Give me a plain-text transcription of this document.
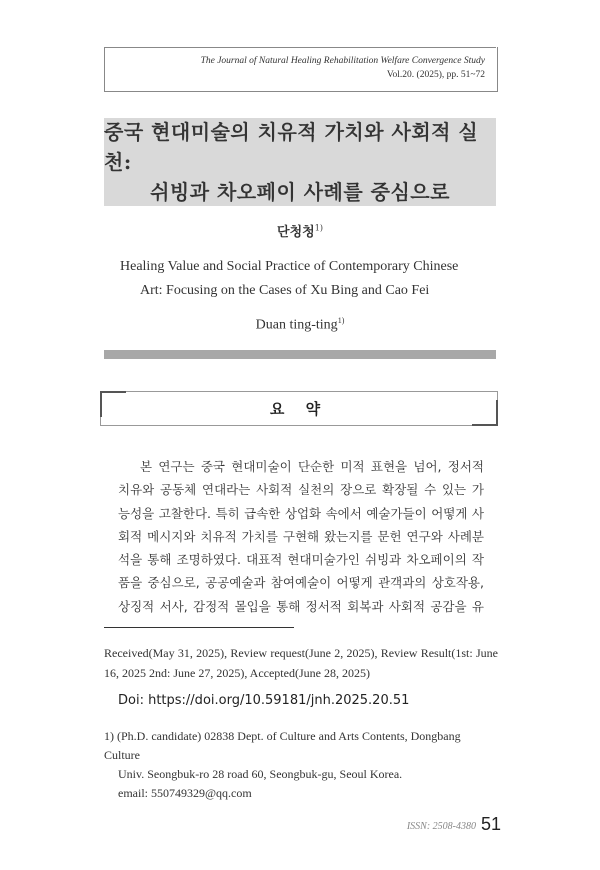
The Journal of Natural Healing Rehabilitation Welfare Convergence Study
Vol.20. (2025), pp. 51~72
중국 현대미술의 치유적 가치와 사회적 실천:
쉬빙과 차오페이 사례를 중심으로
단청청$^{1)}$
Healing Value and Social Practice of Contemporary Chinese
Art: Focusing on the Cases of Xu Bing and Cao Fei
Duan ting-ting$^{1)}$
요 약
본 연구는 중국 현대미술이 단순한 미적 표현을 넘어, 정서적
치유와 공동체 연대라는 사회적 실천의 장으로 확장될 수 있는 가
능성을 고찰한다. 특히 급속한 상업화 속에서 예술가들이 어떻게 사
회적 메시지와 치유적 가치를 구현해 왔는지를 문헌 연구와 사례분
석을 통해 조명하였다. 대표적 현대미술가인 쉬빙과 차오페이의 작
품을 중심으로, 공공예술과 참여예술이 어떻게 관객과의 상호작용,
상징적 서사, 감정적 몰입을 통해 정서적 회복과 사회적 공감을 유
Received(May 31, 2025), Review request(June 2, 2025), Review Result(1st: June 16, 2025 2nd: June 27, 2025), Accepted(June 28, 2025)
Doi: https://doi.org/10.59181/jnh.2025.20.51
1) (Ph.D. candidate) 02838 Dept. of Culture and Arts Contents, Dongbang Culture
Univ. Seongbuk-ro 28 road 60, Seongbuk-gu, Seoul Korea.
email: 550749329@qq.com
ISSN: 2508-4380 51
